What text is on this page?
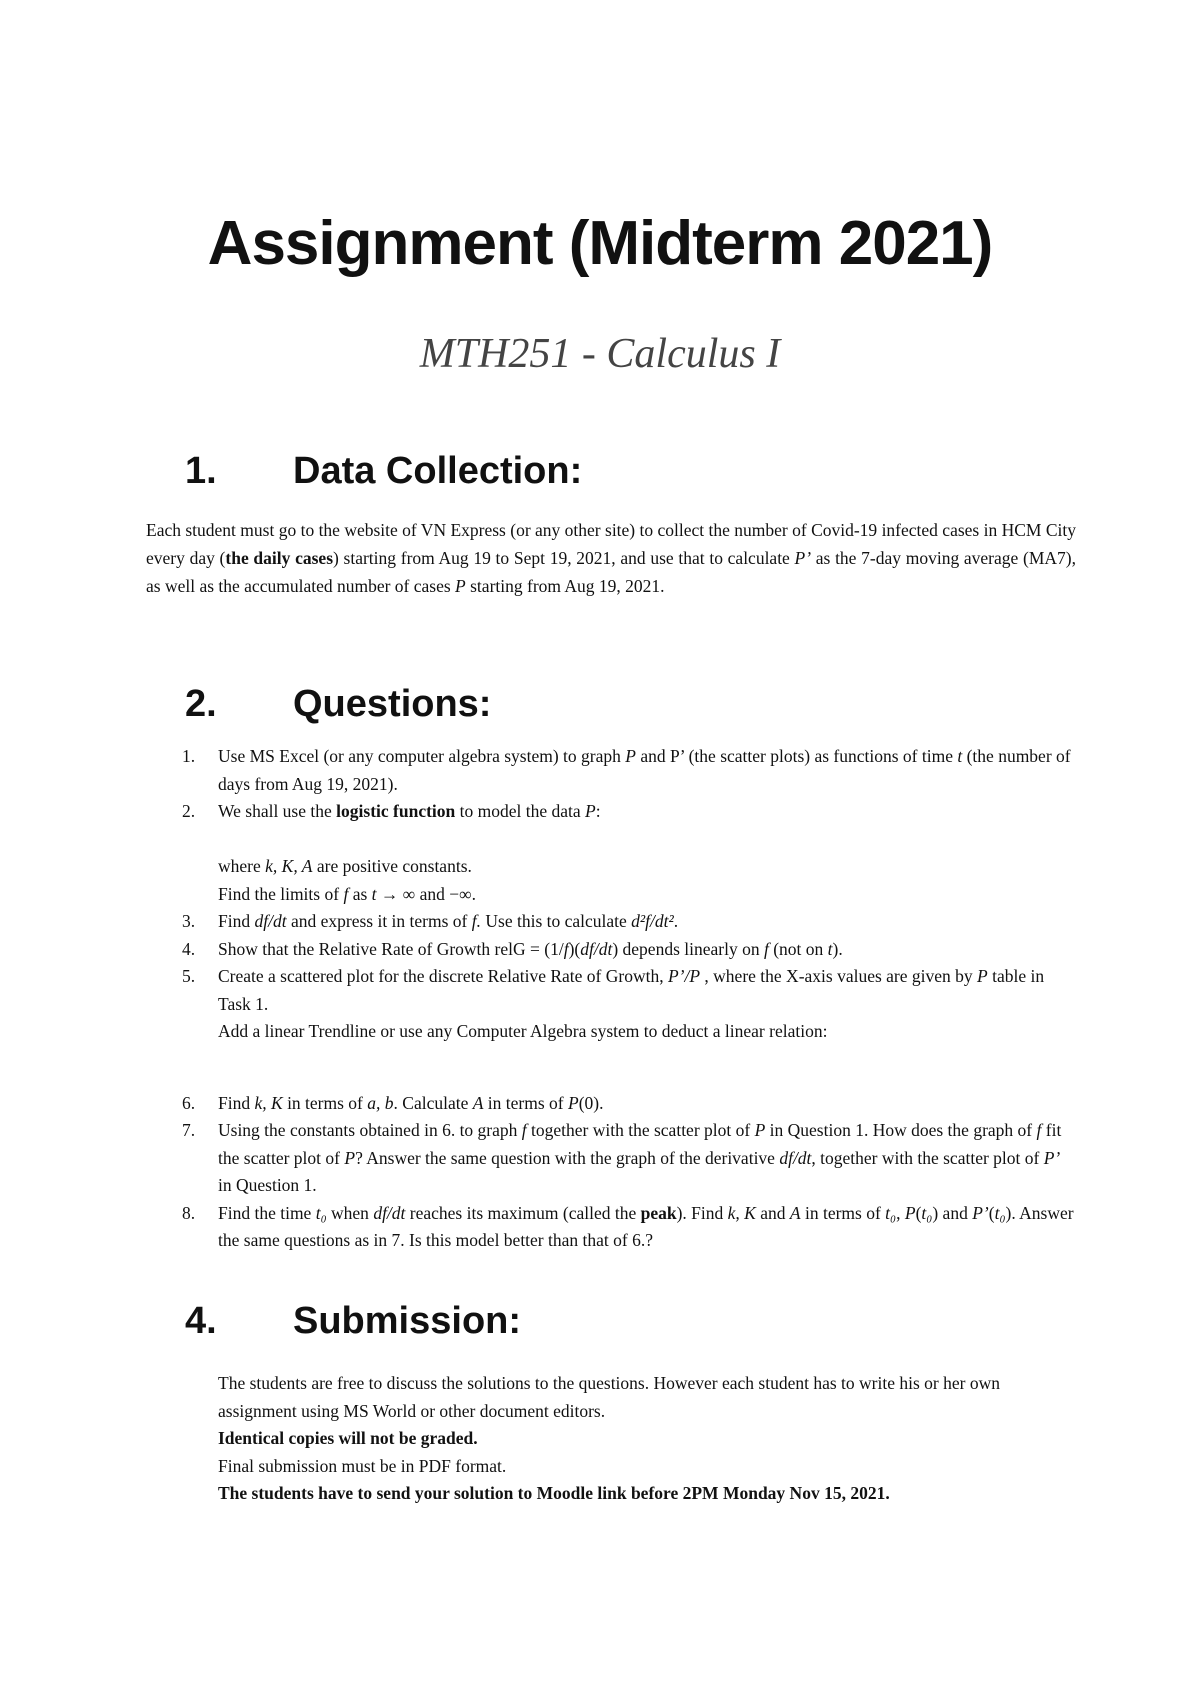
Assignment (Midterm 2021)

MTH251 - Calculus I

1. Data Collection:

Each student must go to the website of VN Express (or any other site) to collect the number of Covid-19 infected cases in HCM City every day (the daily cases) starting from Aug 19 to Sept 19, 2021, and use that to calculate P’ as the 7-day moving average (MA7), as well as the accumulated number of cases P starting from Aug 19, 2021.

2. Questions:
1. Use MS Excel (or any computer algebra system) to graph P and P’ (the scatter plots) as functions of time t (the number of days from Aug 19, 2021).
2. We shall use the logistic function to model the data P:
where k, K, A are positive constants.
Find the limits of f as t → ∞ and −∞.
3. Find df/dt and express it in terms of f. Use this to calculate d²f/dt².
4. Show that the Relative Rate of Growth relG = (1/f)(df/dt) depends linearly on f (not on t).
5. Create a scattered plot for the discrete Relative Rate of Growth, P’/P , where the X-axis values are given by P table in Task 1.
Add a linear Trendline or use any Computer Algebra system to deduct a linear relation:
6. Find k, K in terms of a, b. Calculate A in terms of P(0).
7. Using the constants obtained in 6. to graph f together with the scatter plot of P in Question 1. How does the graph of f fit the scatter plot of P? Answer the same question with the graph of the derivative df/dt, together with the scatter plot of P’ in Question 1.
8. Find the time t₀ when df/dt reaches its maximum (called the peak). Find k, K and A in terms of t₀, P(t₀) and P’(t₀). Answer the same questions as in 7. Is this model better than that of 6.?
4. Submission:
The students are free to discuss the solutions to the questions. However each student has to write his or her own assignment using MS World or other document editors.
Identical copies will not be graded.
Final submission must be in PDF format.
The students have to send your solution to Moodle link before 2PM Monday Nov 15, 2021.
